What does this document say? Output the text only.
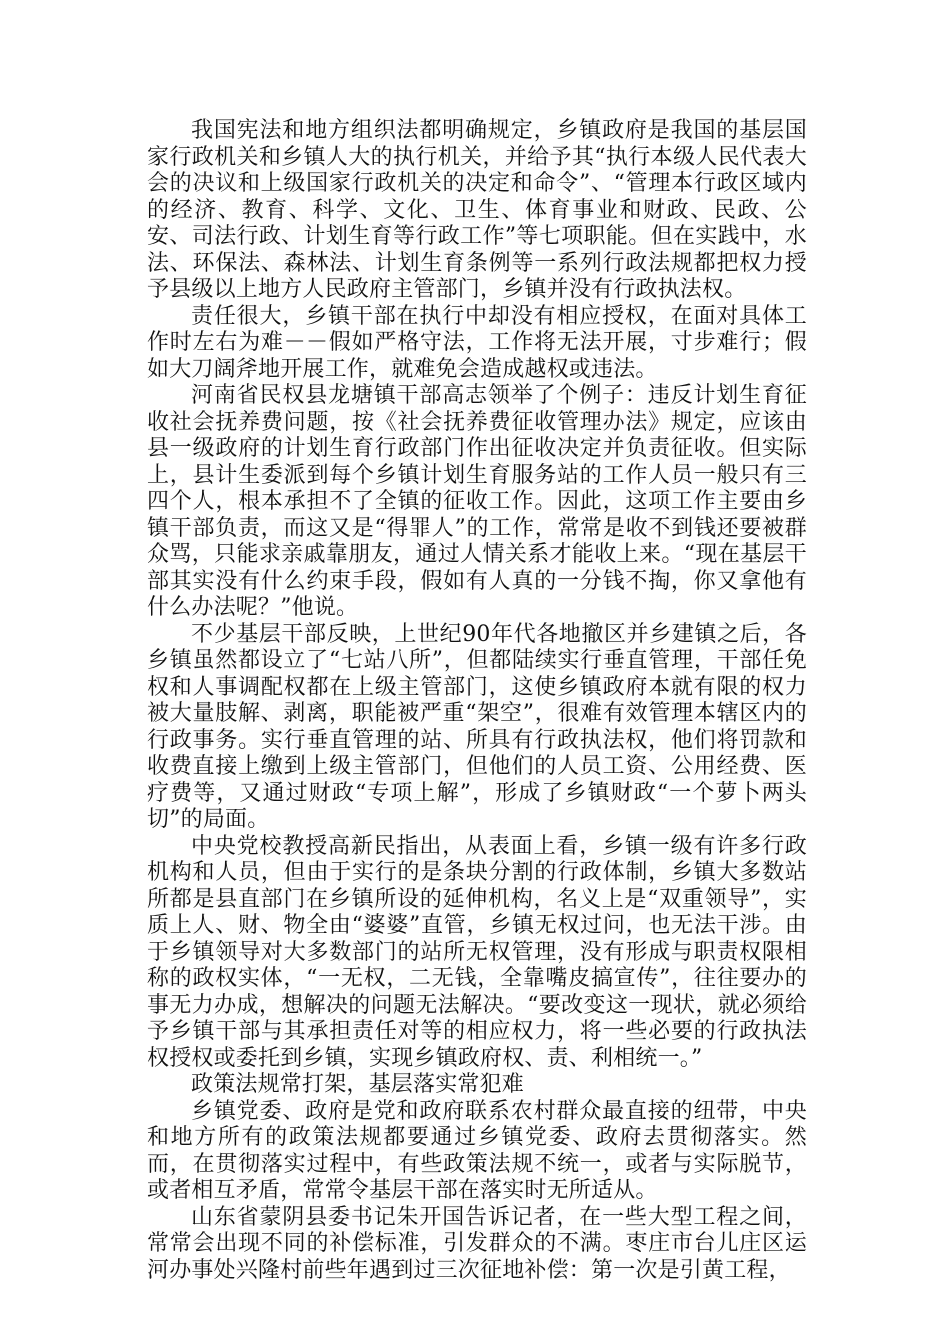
我国宪法和地方组织法都明确规定，乡镇政府是我国的基层国家行政机关和乡镇人大的执行机关，并给予其“执行本级人民代表大会的决议和上级国家行政机关的决定和命令”、“管理本行政区域内的经济、教育、科学、文化、卫生、体育事业和财政、民政、公安、司法行政、计划生育等行政工作”等七项职能。但在实践中，水法、环保法、森林法、计划生育条例等一系列行政法规都把权力授予县级以上地方人民政府主管部门，乡镇并没有行政执法权。

责任很大，乡镇干部在执行中却没有相应授权，在面对具体工作时左右为难－－假如严格守法，工作将无法开展，寸步难行；假如大刀阔斧地开展工作，就难免会造成越权或违法。

河南省民权县龙塘镇干部高志领举了个例子：违反计划生育征收社会抚养费问题，按《社会抚养费征收管理办法》规定，应该由县一级政府的计划生育行政部门作出征收决定并负责征收。但实际上，县计生委派到每个乡镇计划生育服务站的工作人员一般只有三四个人，根本承担不了全镇的征收工作。因此，这项工作主要由乡镇干部负责，而这又是“得罪人”的工作，常常是收不到钱还要被群众骂，只能求亲戚靠朋友，通过人情关系才能收上来。“现在基层干部其实没有什么约束手段，假如有人真的一分钱不掏，你又拿他有什么办法呢？”他说。

不少基层干部反映，上世纪90年代各地撤区并乡建镇之后，各乡镇虽然都设立了“七站八所”，但都陆续实行垂直管理，干部任免权和人事调配权都在上级主管部门，这使乡镇政府本就有限的权力被大量肢解、剥离，职能被严重“架空”，很难有效管理本辖区内的行政事务。实行垂直管理的站、所具有行政执法权，他们将罚款和收费直接上缴到上级主管部门，但他们的人员工资、公用经费、医疗费等，又通过财政“专项上解”，形成了乡镇财政“一个萝卜两头切”的局面。

中央党校教授高新民指出，从表面上看，乡镇一级有许多行政机构和人员，但由于实行的是条块分割的行政体制，乡镇大多数站所都是县直部门在乡镇所设的延伸机构，名义上是“双重领导”，实质上人、财、物全由“婆婆”直管，乡镇无权过问，也无法干涉。由于乡镇领导对大多数部门的站所无权管理，没有形成与职责权限相称的政权实体，“一无权，二无钱，全靠嘴皮搞宣传”，往往要办的事无力办成，想解决的问题无法解决。“要改变这一现状，就必须给予乡镇干部与其承担责任对等的相应权力，将一些必要的行政执法权授权或委托到乡镇，实现乡镇政府权、责、利相统一。”

政策法规常打架，基层落实常犯难

乡镇党委、政府是党和政府联系农村群众最直接的纽带，中央和地方所有的政策法规都要通过乡镇党委、政府去贯彻落实。然而，在贯彻落实过程中，有些政策法规不统一，或者与实际脱节，或者相互矛盾，常常令基层干部在落实时无所适从。

山东省蒙阴县委书记朱开国告诉记者，在一些大型工程之间，常常会出现不同的补偿标准，引发群众的不满。枣庄市台儿庄区运河办事处兴隆村前些年遇到过三次征地补偿：第一次是引黄工程，
